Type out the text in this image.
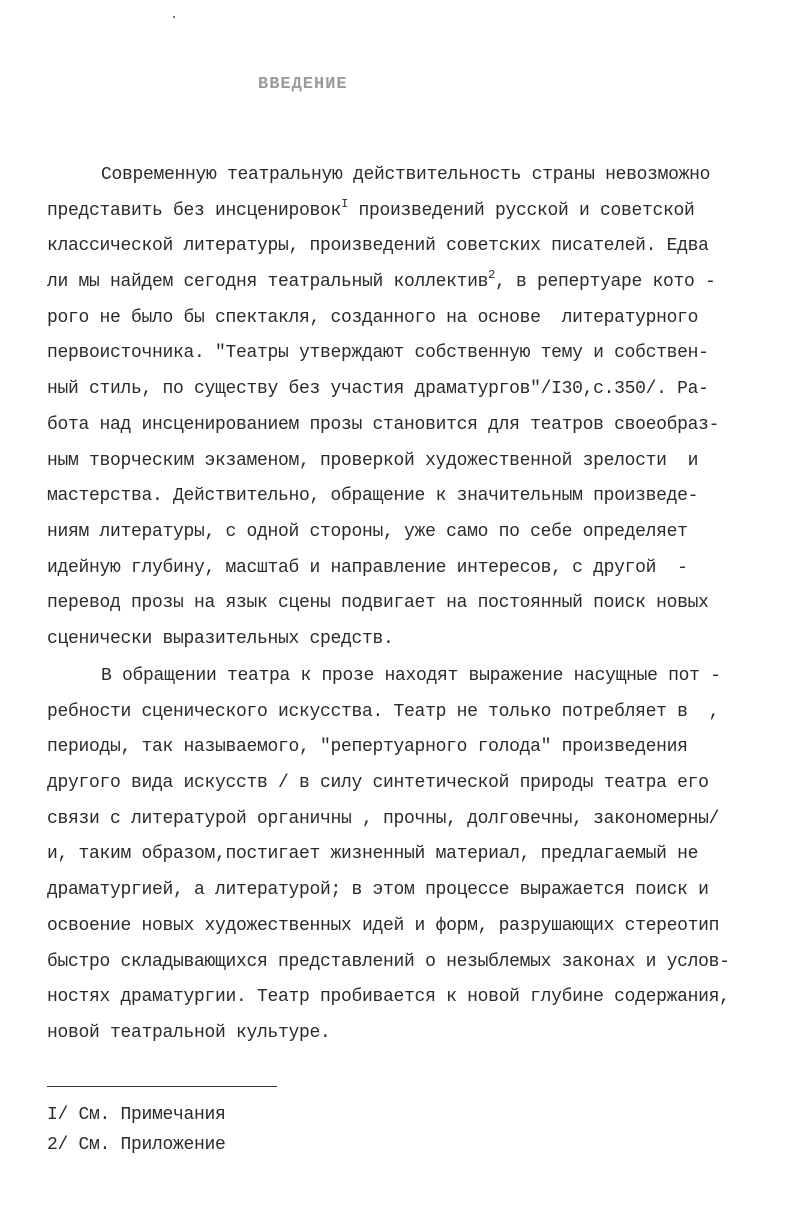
ВВЕДЕНИЕ
Современную театральную действительность страны невозможно
представить без инсценировок$^I$ произведений русской и советской
классической литературы, произведений советских писателей. Едва
ли мы найдем сегодня театральный коллектив$^2$, в репертуаре кото -
рого не было бы спектакля, созданного на основе  литературного
первоисточника. "Театры утверждают собственную тему и собствен-
ный стиль, по существу без участия драматургов"/I30,с.350/. Ра-
бота над инсценированием прозы становится для театров своеобраз-
ным творческим экзаменом, проверкой художественной зрелости  и
мастерства. Действительно, обращение к значительным произведе-
ниям литературы, с одной стороны, уже само по себе определяет
идейную глубину, масштаб и направление интересов, с другой  -
перевод прозы на язык сцены подвигает на постоянный поиск новых
сценически выразительных средств.
В обращении театра к прозе находят выражение насущные пот -
ребности сценического искусства. Театр не только потребляет в  ,
периоды, так называемого, "репертуарного голода" произведения
другого вида искусств / в силу синтетической природы театра его
связи с литературой органичны , прочны, долговечны, закономерны/
и, таким образом,постигает жизненный материал, предлагаемый не
драматургией, а литературой; в этом процессе выражается поиск и
освоение новых художественных идей и форм, разрушающих стереотип
быстро складывающихся представлений о незыблемых законах и услов-
ностях драматургии. Театр пробивается к новой глубине содержания,
новой театральной культуре.
I/ См. Примечания
2/ См. Приложение
